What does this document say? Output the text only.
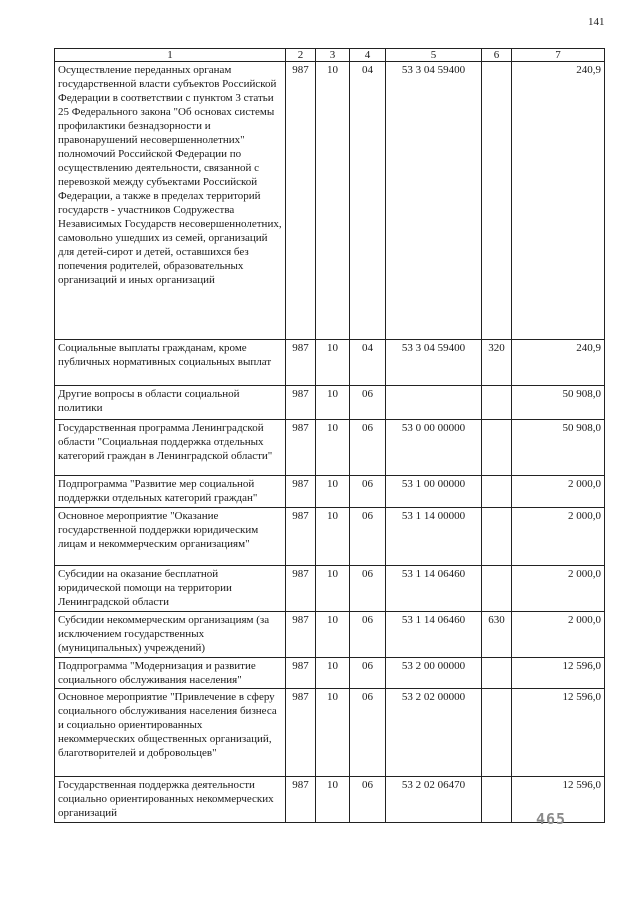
141
1	2	3	4	5	6	7
Осуществление переданных органам государственной власти субъектов Российской Федерации в соответствии с пунктом 3 статьи 25 Федерального закона "Об основах системы профилактики безнадзорности и правонарушений несовершеннолетних" полномочий Российской Федерации по осуществлению деятельности, связанной с перевозкой между субъектами Российской Федерации, а также в пределах территорий государств - участников Содружества Независимых Государств несовершеннолетних, самовольно ушедших из семей, организаций для детей-сирот и детей, оставшихся без попечения родителей, образовательных организаций и иных организаций	987	10	04	53 3 04 59400		240,9
Социальные выплаты гражданам, кроме публичных нормативных социальных выплат	987	10	04	53 3 04 59400	320	240,9
Другие вопросы в области социальной политики	987	10	06			50 908,0
Государственная программа Ленинградской области "Социальная поддержка отдельных категорий граждан в Ленинградской области"	987	10	06	53 0 00 00000		50 908,0
Подпрограмма "Развитие мер социальной поддержки отдельных категорий граждан"	987	10	06	53 1 00 00000		2 000,0
Основное мероприятие "Оказание государственной поддержки юридическим лицам и некоммерческим организациям"	987	10	06	53 1 14 00000		2 000,0
Субсидии на оказание бесплатной юридической помощи на территории Ленинградской области	987	10	06	53 1 14 06460		2 000,0
Субсидии некоммерческим организациям (за исключением государственных (муниципальных) учреждений)	987	10	06	53 1 14 06460	630	2 000,0
Подпрограмма "Модернизация и развитие социального обслуживания населения"	987	10	06	53 2 00 00000		12 596,0
Основное мероприятие "Привлечение в сферу социального обслуживания населения бизнеса и социально ориентированных некоммерческих общественных организаций, благотворителей и добровольцев"	987	10	06	53 2 02 00000		12 596,0
Государственная поддержка деятельности социально ориентированных некоммерческих организаций	987	10	06	53 2 02 06470		12 596,0
465
